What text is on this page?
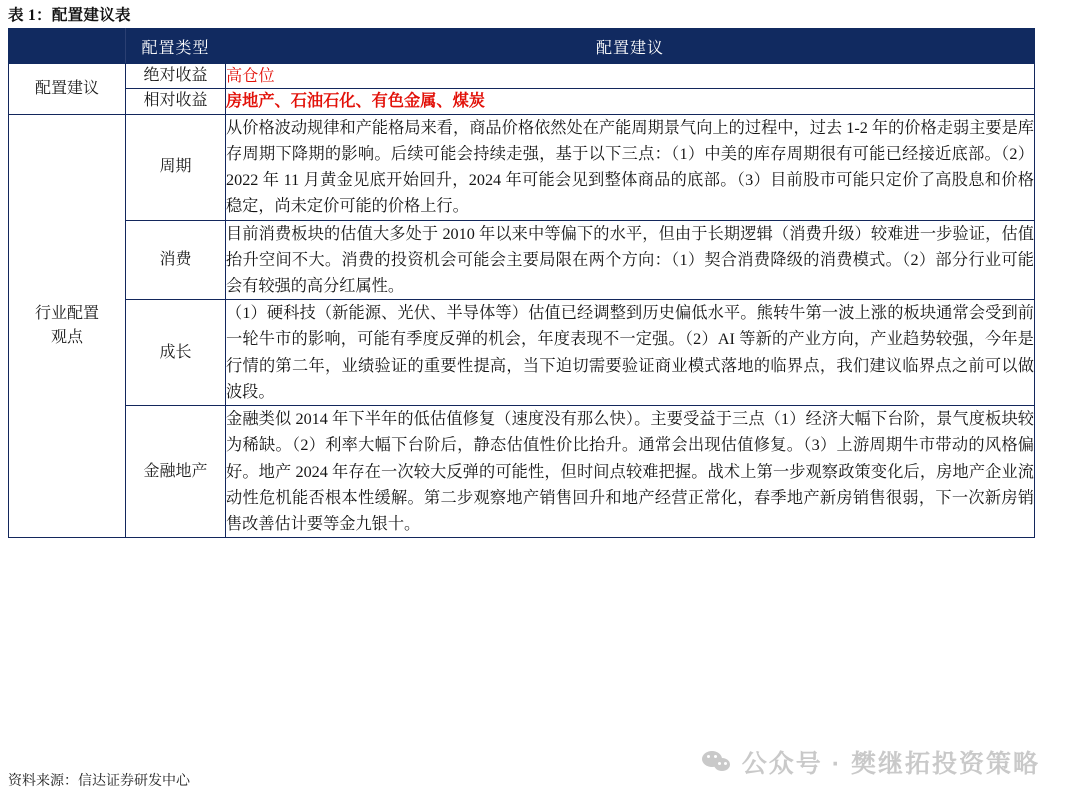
表 1：配置建议表
	配置类型	配置建议
配置建议	绝对收益	高仓位
	相对收益	房地产、石油石化、有色金属、煤炭

行业配置
观点	周期	从价格波动规律和产能格局来看，商品价格依然处在产能周期景气向上的过程中，过去 1-2 年的价格走弱主要是库存周期下降期的影响。后续可能会持续走强，基于以下三点：（1）中美的库存周期很有可能已经接近底部。（2）2022 年 11 月黄金见底开始回升，2024 年可能会见到整体商品的底部。（3）目前股市可能只定价了高股息和价格稳定，尚未定价可能的价格上行。
	消费	目前消费板块的估值大多处于 2010 年以来中等偏下的水平，但由于长期逻辑（消费升级）较难进一步验证，估值抬升空间不大。消费的投资机会可能会主要局限在两个方向：（1）契合消费降级的消费模式。（2）部分行业可能会有较强的高分红属性。
	成长	（1）硬科技（新能源、光伏、半导体等）估值已经调整到历史偏低水平。熊转牛第一波上涨的板块通常会受到前一轮牛市的影响，可能有季度反弹的机会，年度表现不一定强。（2）AI 等新的产业方向，产业趋势较强，今年是行情的第二年，业绩验证的重要性提高，当下迫切需要验证商业模式落地的临界点，我们建议临界点之前可以做波段。
	金融地产	金融类似 2014 年下半年的低估值修复（速度没有那么快）。主要受益于三点（1）经济大幅下台阶，景气度板块较为稀缺。（2）利率大幅下台阶后，静态估值性价比抬升。通常会出现估值修复。（3）上游周期牛市带动的风格偏好。地产 2024 年存在一次较大反弹的可能性，但时间点较难把握。战术上第一步观察政策变化后，房地产企业流动性危机能否根本性缓解。第二步观察地产销售回升和地产经营正常化，春季地产新房销售很弱，下一次新房销售改善估计要等金九银十。
资料来源：信达证券研发中心
公众号 · 樊继拓投资策略
